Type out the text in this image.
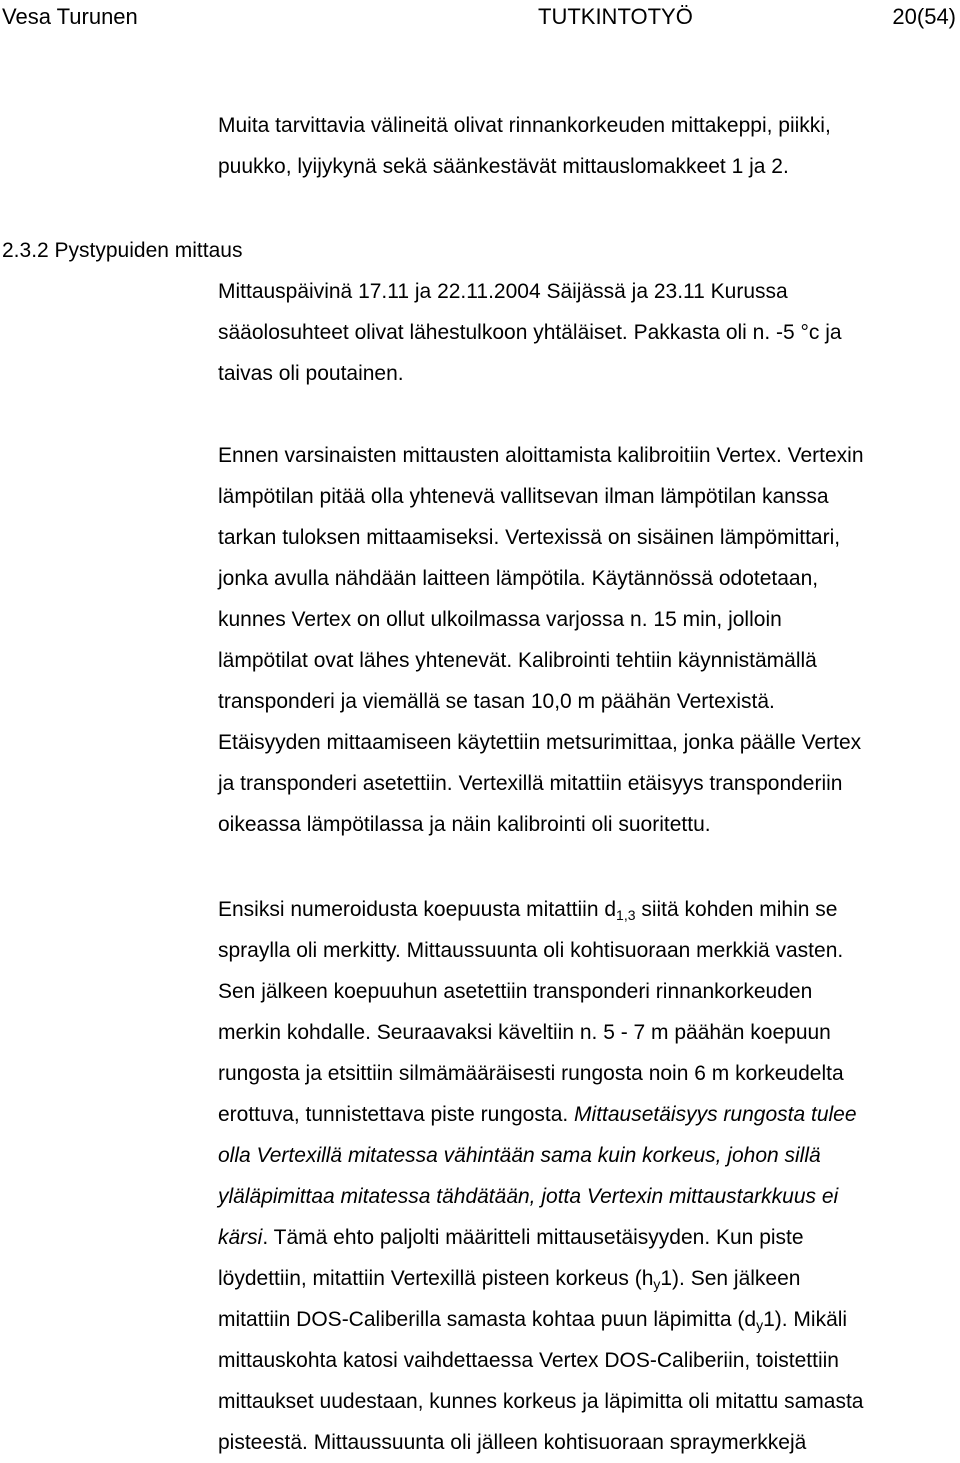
Vesa Turunen	TUTKINTOTYÖ	20(54)

Muita tarvittavia välineitä olivat rinnankorkeuden mittakeppi, piikki,
puukko, lyijykynä sekä säänkestävät mittauslomakkeet 1 ja 2.

2.3.2 Pystypuiden mittaus

Mittauspäivinä 17.11 ja 22.11.2004 Säijässä ja 23.11 Kurussa
sääolosuhteet olivat lähestulkoon yhtäläiset. Pakkasta oli n. -5 °c ja
taivas oli poutainen.

Ennen varsinaisten mittausten aloittamista kalibroitiin Vertex. Vertexin
lämpötilan pitää olla yhtenevä vallitsevan ilman lämpötilan kanssa
tarkan tuloksen mittaamiseksi. Vertexissä on sisäinen lämpömittari,
jonka avulla nähdään laitteen lämpötila. Käytännössä odotetaan,
kunnes Vertex on ollut ulkoilmassa varjossa n. 15 min, jolloin
lämpötilat ovat lähes yhtenevät. Kalibrointi tehtiin käynnistämällä
transponderi ja viemällä se tasan 10,0 m päähän Vertexistä.
Etäisyyden mittaamiseen käytettiin metsurimittaa, jonka päälle Vertex
ja transponderi asetettiin. Vertexillä mitattiin etäisyys transponderiin
oikeassa lämpötilassa ja näin kalibrointi oli suoritettu.

Ensiksi numeroidusta koepuusta mitattiin $d_{1,3}$ siitä kohden mihin se
spraylla oli merkitty. Mittaussuunta oli kohtisuoraan merkkiä vasten.
Sen jälkeen koepuuhun asetettiin transponderi rinnankorkeuden
merkin kohdalle. Seuraavaksi käveltiin n. 5 - 7 m päähän koepuun
rungosta ja etsittiin silmämääräisesti rungosta noin 6 m korkeudelta
erottuva, tunnistettava piste rungosta. Mittausetäisyys rungosta tulee
olla Vertexillä mitatessa vähintään sama kuin korkeus, johon sillä
yläläpimittaa mitatessa tähdätään, jotta Vertexin mittaustarkkuus ei
kärsi. Tämä ehto paljolti määritteli mittausetäisyyden. Kun piste
löydettiin, mitattiin Vertexillä pisteen korkeus $(h_y1)$. Sen jälkeen
mitattiin DOS-Caliberilla samasta kohtaa puun läpimitta $(d_y1)$. Mikäli
mittauskohta katosi vaihdettaessa Vertex DOS-Caliberiin, toistettiin
mittaukset uudestaan, kunnes korkeus ja läpimitta oli mitattu samasta
pisteestä. Mittaussuunta oli jälleen kohtisuoraan spraymerkkejä
